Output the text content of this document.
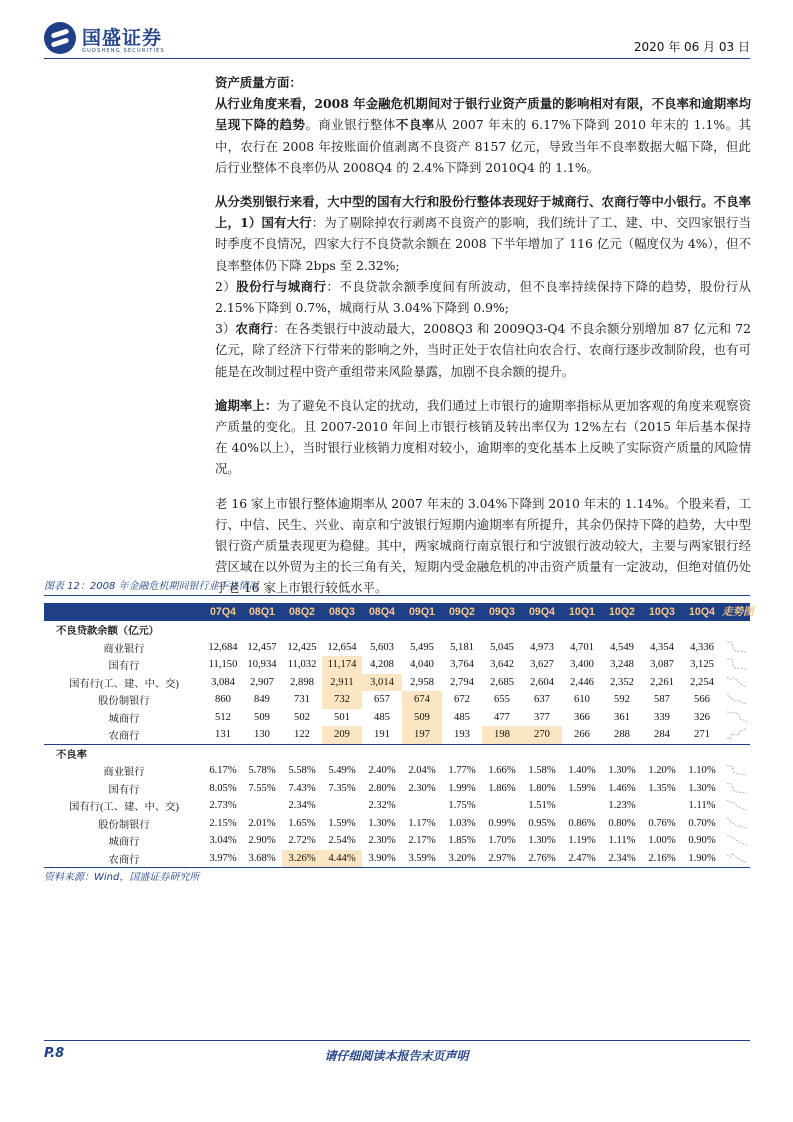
国盛证券
GUOSHENG SECURITIES	2020 年 06 月 03 日

资产质量方面：
从行业角度来看，2008 年金融危机期间对于银行业资产质量的影响相对有限，不良率和逾期率均呈现下降的趋势。商业银行整体不良率从 2007 年末的 6.17%下降到 2010 年末的 1.1%。其中，农行在 2008 年按账面价值剥离不良资产 8157 亿元，导致当年不良率数据大幅下降，但此后行业整体不良率仍从 2008Q4 的 2.4%下降到 2010Q4 的 1.1%。

从分类别银行来看，大中型的国有大行和股份行整体表现好于城商行、农商行等中小银行。不良率上，1）国有大行：为了剔除掉农行剥离不良资产的影响，我们统计了工、建、中、交四家银行当时季度不良情况，四家大行不良贷款余额在 2008 下半年增加了 116 亿元（幅度仅为 4%），但不良率整体仍下降 2bps 至 2.32%;
2）股份行与城商行：不良贷款余额季度间有所波动，但不良率持续保持下降的趋势，股份行从 2.15%下降到 0.7%，城商行从 3.04%下降到 0.9%;
3）农商行：在各类银行中波动最大，2008Q3 和 2009Q3-Q4 不良余额分别增加 87 亿元和 72 亿元，除了经济下行带来的影响之外，当时正处于农信社向农合行、农商行逐步改制阶段，也有可能是在改制过程中资产重组带来风险暴露，加剧不良余额的提升。

逾期率上：为了避免不良认定的扰动，我们通过上市银行的逾期率指标从更加客观的角度来观察资产质量的变化。且 2007-2010 年间上市银行核销及转出率仅为 12%左右（2015 年后基本保持在 40%以上），当时银行业核销力度相对较小，逾期率的变化基本上反映了实际资产质量的风险情况。

老 16 家上市银行整体逾期率从 2007 年末的 3.04%下降到 2010 年末的 1.14%。个股来看，工行、中信、民生、兴业、南京和宁波银行短期内逾期率有所提升，其余仍保持下降的趋势，大中型银行资产质量表现更为稳健。其中，两家城商行南京银行和宁波银行波动较大，主要与两家银行经营区域在以外贸为主的长三角有关，短期内受金融危机的冲击资产质量有一定波动，但绝对值仍处于老 16 家上市银行较低水平。

图表 12：2008 年金融危机期间银行业不良情况
	07Q4	08Q1	08Q2	08Q3	08Q4	09Q1	09Q2	09Q3	09Q4	10Q1	10Q2	10Q3	10Q4	走势图
不良贷款余额（亿元）														
商业银行	12,684	12,457	12,425	12,654	5,603	5,495	5,181	5,045	4,973	4,701	4,549	4,354	4,336	

国有行	11,150	10,934	11,032	11,174	4,208	4,040	3,764	3,642	3,627	3,400	3,248	3,087	3,125	

国有行(工、建、中、交)	3,084	2,907	2,898	2,911	3,014	2,958	2,794	2,685	2,604	2,446	2,352	2,261	2,254	

股份制银行	860	849	731	732	657	674	672	655	637	610	592	587	566	

城商行	512	509	502	501	485	509	485	477	377	366	361	339	326	

农商行	131	130	122	209	191	197	193	198	270	266	288	284	271	

不良率														
商业银行	6.17%	5.78%	5.58%	5.49%	2.40%	2.04%	1.77%	1.66%	1.58%	1.40%	1.30%	1.20%	1.10%	

国有行	8.05%	7.55%	7.43%	7.35%	2.80%	2.30%	1.99%	1.86%	1.80%	1.59%	1.46%	1.35%	1.30%	

国有行(工、建、中、交)	2.73%		2.34%		2.32%		1.75%		1.51%		1.23%		1.11%	

股份制银行	2.15%	2.01%	1.65%	1.59%	1.30%	1.17%	1.03%	0.99%	0.95%	0.86%	0.80%	0.76%	0.70%	

城商行	3.04%	2.90%	2.72%	2.54%	2.30%	2.17%	1.85%	1.70%	1.30%	1.19%	1.11%	1.00%	0.90%	

农商行	3.97%	3.68%	3.26%	4.44%	3.90%	3.59%	3.20%	2.97%	2.76%	2.47%	2.34%	2.16%	1.90%	
资料来源：Wind，国盛证券研究所
P.8	请仔细阅读本报告末页声明
